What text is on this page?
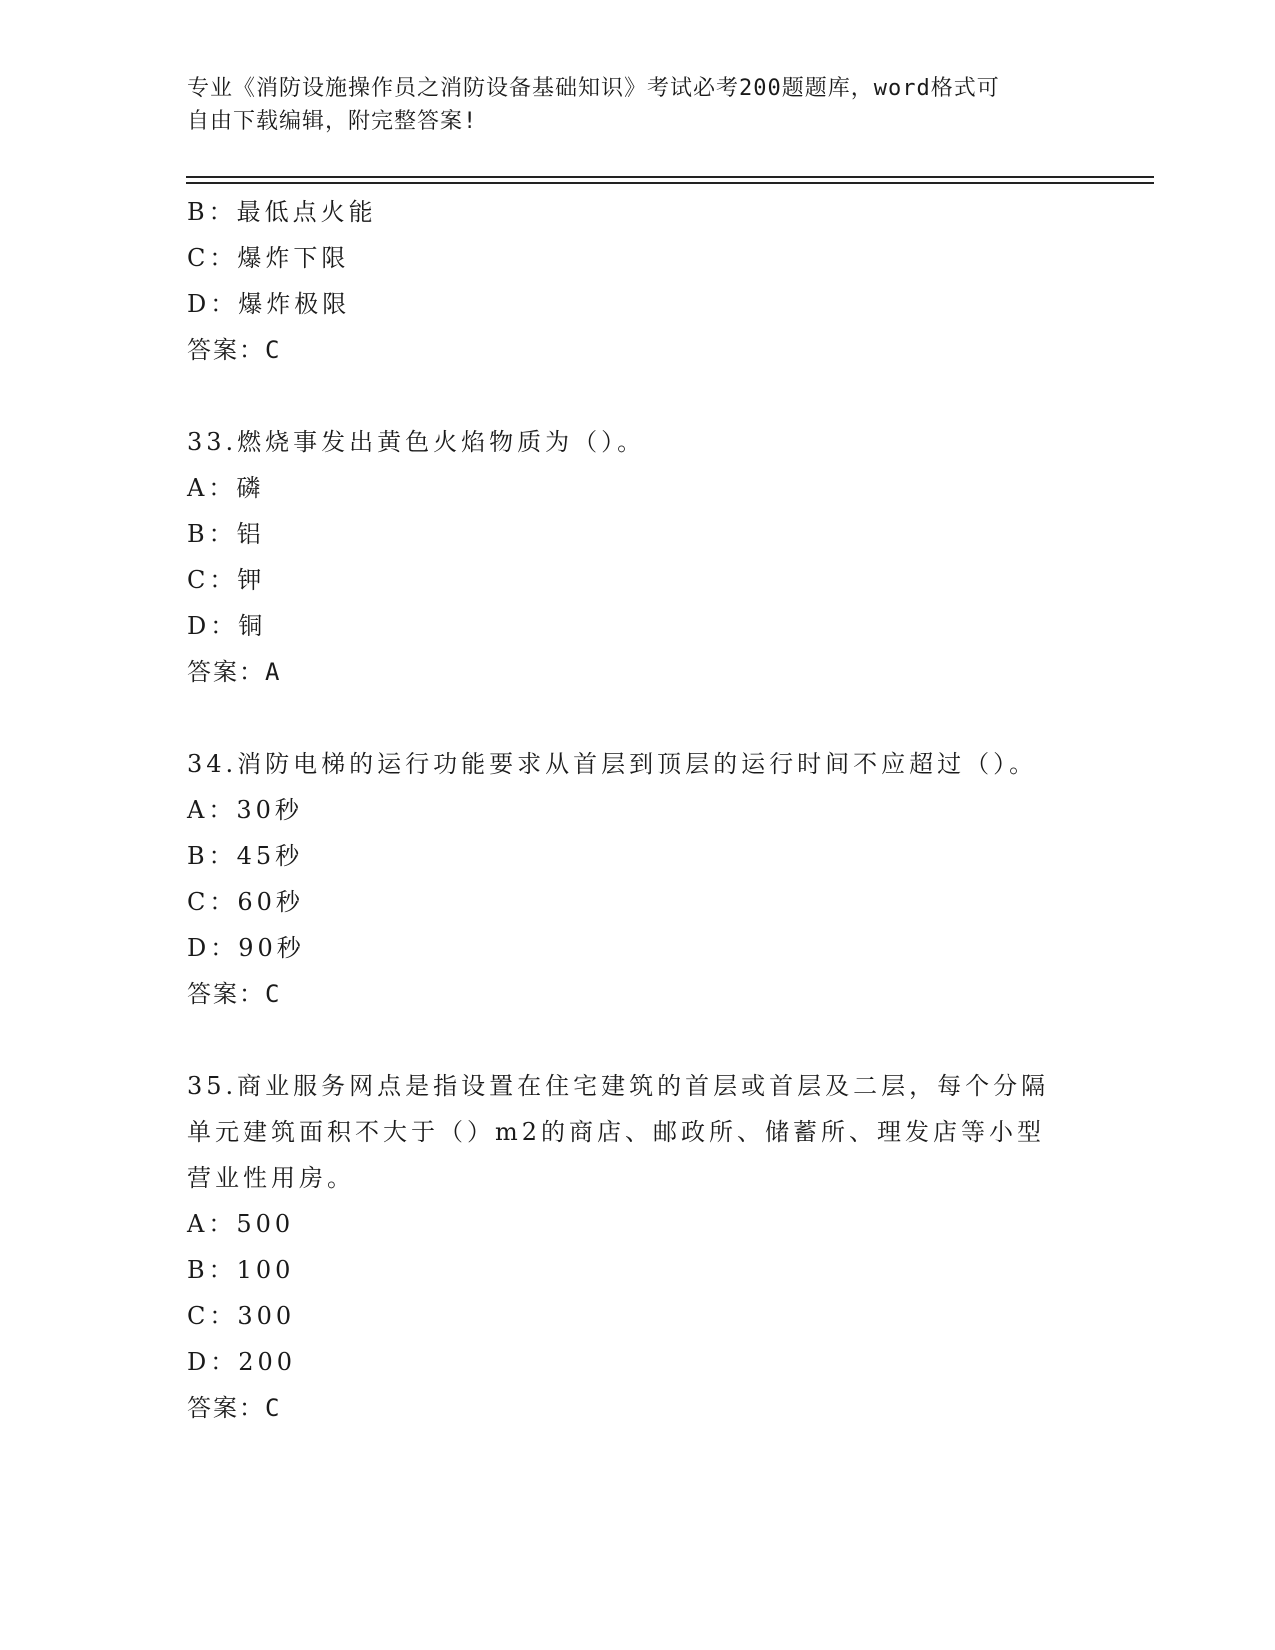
专业《消防设施操作员之消防设备基础知识》考试必考200题题库，word格式可
自由下载编辑，附完整答案!
B：最低点火能
C：爆炸下限
D：爆炸极限
答案：C
33.燃烧事发出黄色火焰物质为（）。
A：磷
B：铝
C：钾
D：铜
答案：A
34.消防电梯的运行功能要求从首层到顶层的运行时间不应超过（）。
A：30秒
B：45秒
C：60秒
D：90秒
答案：C
35.商业服务网点是指设置在住宅建筑的首层或首层及二层，每个分隔
单元建筑面积不大于（）m2的商店、邮政所、储蓄所、理发店等小型
营业性用房。
A：500
B：100
C：300
D：200
答案：C
